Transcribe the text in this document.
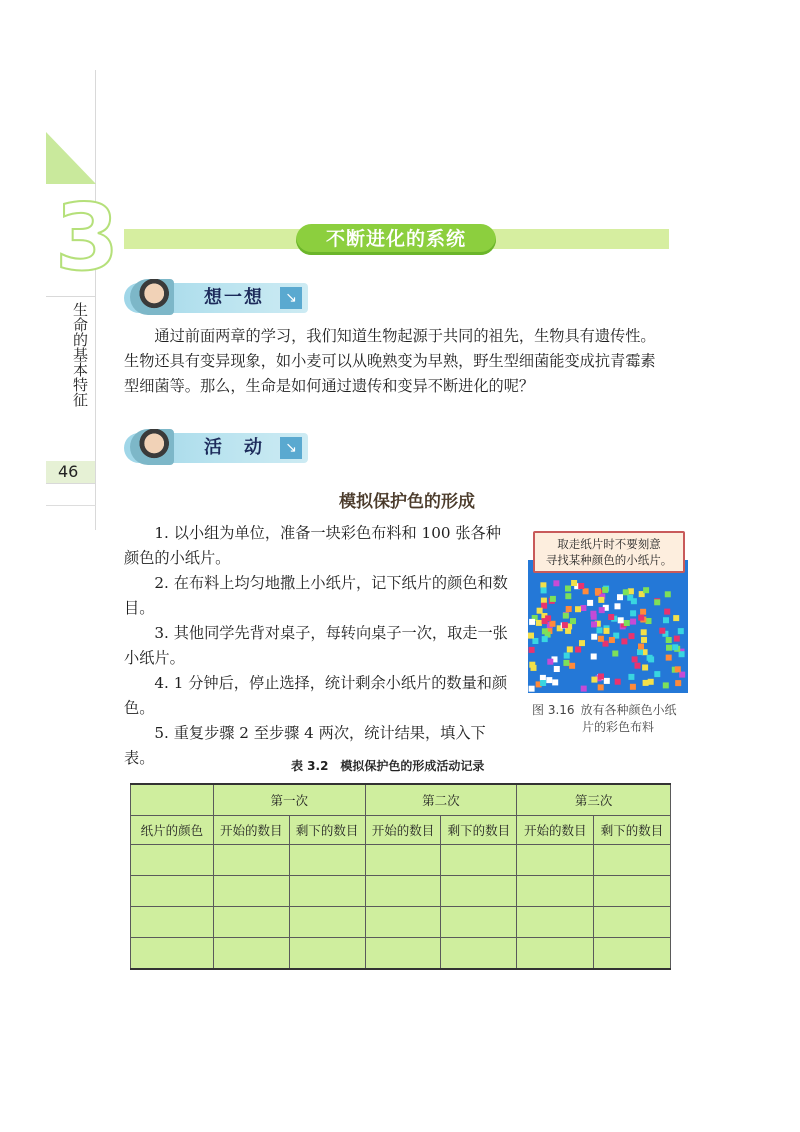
3
生命的基本特征
46
不断进化的系统
想一想	↘

通过前面两章的学习，我们知道生物起源于共同的祖先，生物具有遗传性。生物还具有变异现象，如小麦可以从晚熟变为早熟，野生型细菌能变成抗青霉素型细菌等。那么，生命是如何通过遗传和变异不断进化的呢？

活　动	↘
模拟保护色的形成

1. 以小组为单位，准备一块彩色布料和 100 张各种颜色的小纸片。

2. 在布料上均匀地撒上小纸片，记下纸片的颜色和数目。

3. 其他同学先背对桌子，每转向桌子一次，取走一张小纸片。

4. 1 分钟后，停止选择，统计剩余小纸片的数量和颜色。

5. 重复步骤 2 至步骤 4 两次，统计结果，填入下表。

取走纸片时不要刻意
寻找某种颜色的小纸片。
图 3.16 放有各种颜色小纸
片的彩色布料
表 3.2　模拟保护色的形成活动记录
	第一次		第二次		第三次	
纸片的颜色	开始的数目	剩下的数目	开始的数目	剩下的数目	开始的数目	剩下的数目
